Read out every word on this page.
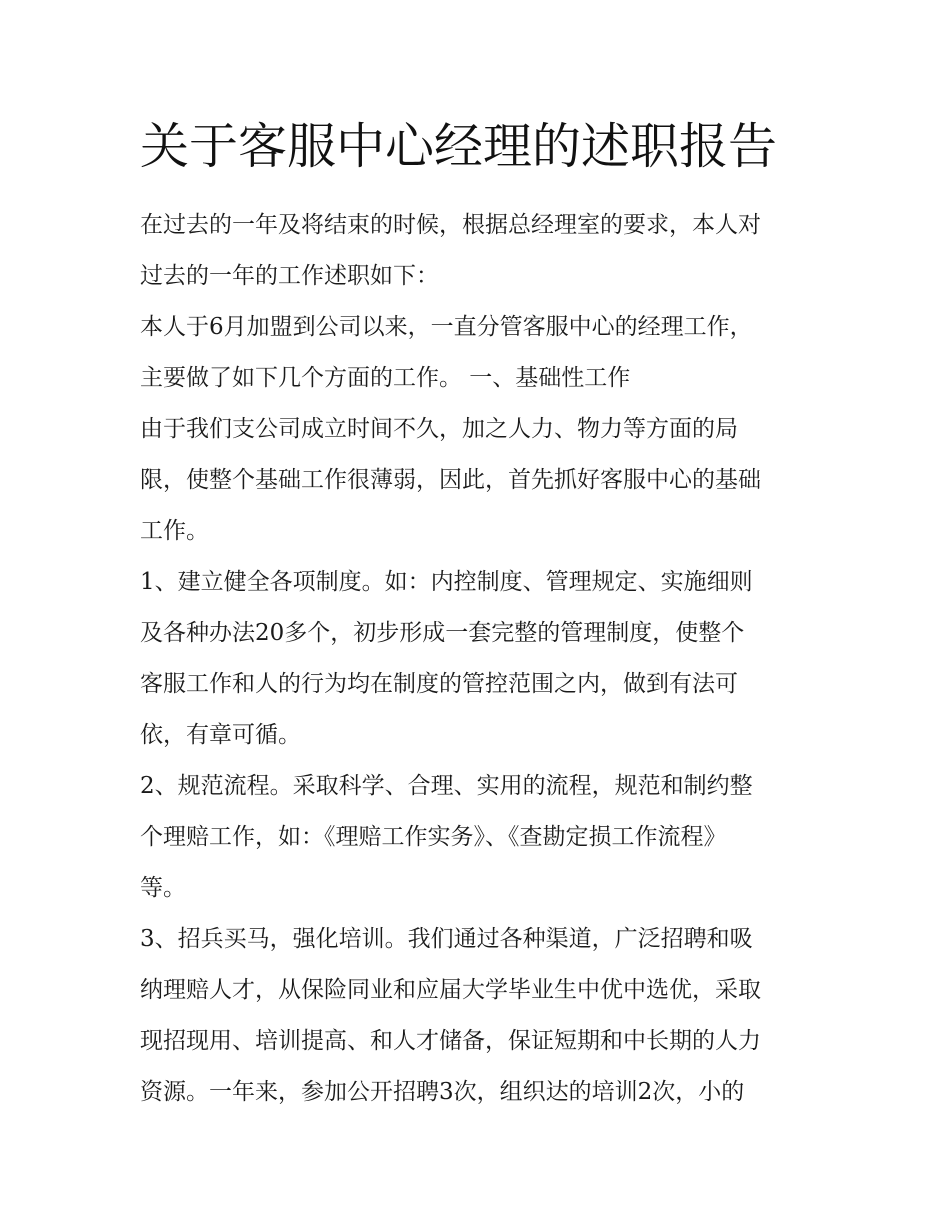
关于客服中心经理的述职报告
在过去的一年及将结束的时候，根据总经理室的要求，本人对
过去的一年的工作述职如下：
本人于6月加盟到公司以来，一直分管客服中心的经理工作，
主要做了如下几个方面的工作。 一、基础性工作
由于我们支公司成立时间不久，加之人力、物力等方面的局
限，使整个基础工作很薄弱，因此，首先抓好客服中心的基础
工作。
1、建立健全各项制度。如：内控制度、管理规定、实施细则
及各种办法20多个，初步形成一套完整的管理制度，使整个
客服工作和人的行为均在制度的管控范围之内，做到有法可
依，有章可循。
2、规范流程。采取科学、合理、实用的流程，规范和制约整
个理赔工作，如：《理赔工作实务》、《查勘定损工作流程》
等。
3、招兵买马，强化培训。我们通过各种渠道，广泛招聘和吸
纳理赔人才，从保险同业和应届大学毕业生中优中选优，采取
现招现用、培训提高、和人才储备，保证短期和中长期的人力
资源。一年来，参加公开招聘3次，组织达的培训2次，小的
